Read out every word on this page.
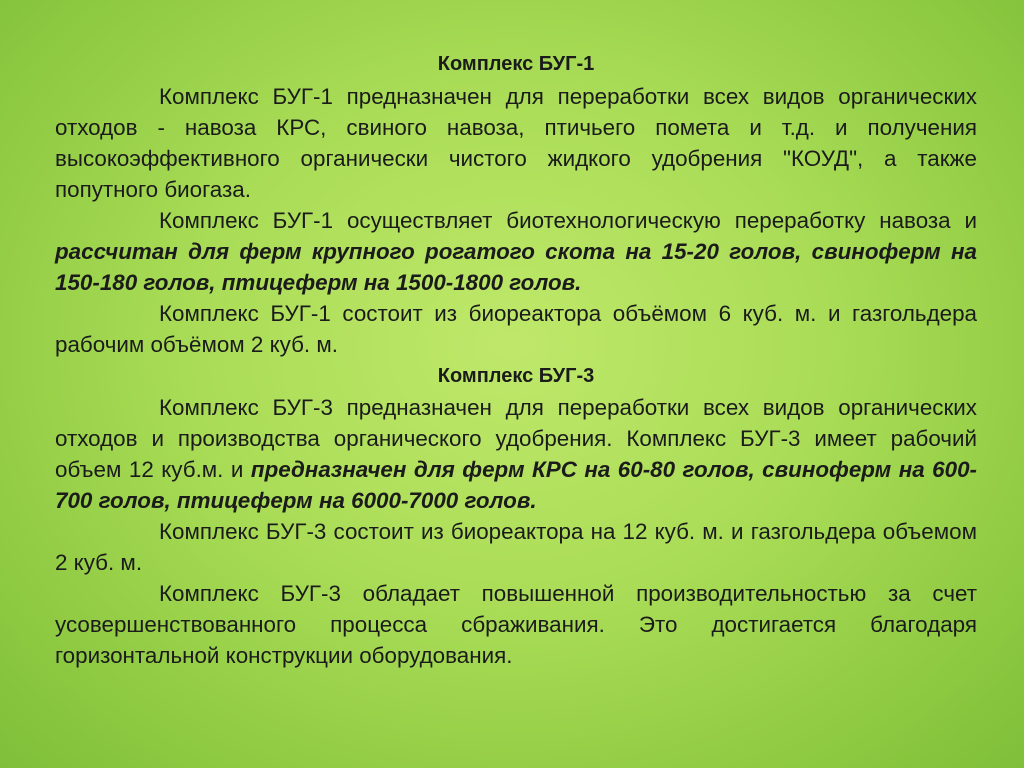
Комплекс БУГ-1

Комплекс БУГ-1 предназначен для переработки всех видов органических отходов - навоза КРС, свиного навоза, птичьего помета и т.д. и получения высокоэффективного органически чистого жидкого удобрения "КОУД", а также попутного биогаза.

Комплекс БУГ-1 осуществляет биотехнологическую переработку навоза и рассчитан для ферм крупного рогатого скота на 15-20 голов, свиноферм на 150-180 голов, птицеферм на 1500-1800 голов.

Комплекс БУГ-1 состоит из биореактора объёмом 6 куб. м. и газгольдера рабочим объёмом 2 куб. м.

Комплекс БУГ-3

Комплекс БУГ-3 предназначен для переработки всех видов органических отходов и производства органического удобрения. Комплекс БУГ-3 имеет рабочий объем 12 куб.м. и предназначен для ферм КРС на 60-80 голов, свиноферм на 600-700 голов, птицеферм на 6000-7000 голов.

Комплекс БУГ-3 состоит из биореактора на 12 куб. м. и газгольдера объемом 2 куб. м.

Комплекс БУГ-3 обладает повышенной производительностью за счет усовершенствованного процесса сбраживания. Это достигается благодаря горизонтальной конструкции оборудования.
